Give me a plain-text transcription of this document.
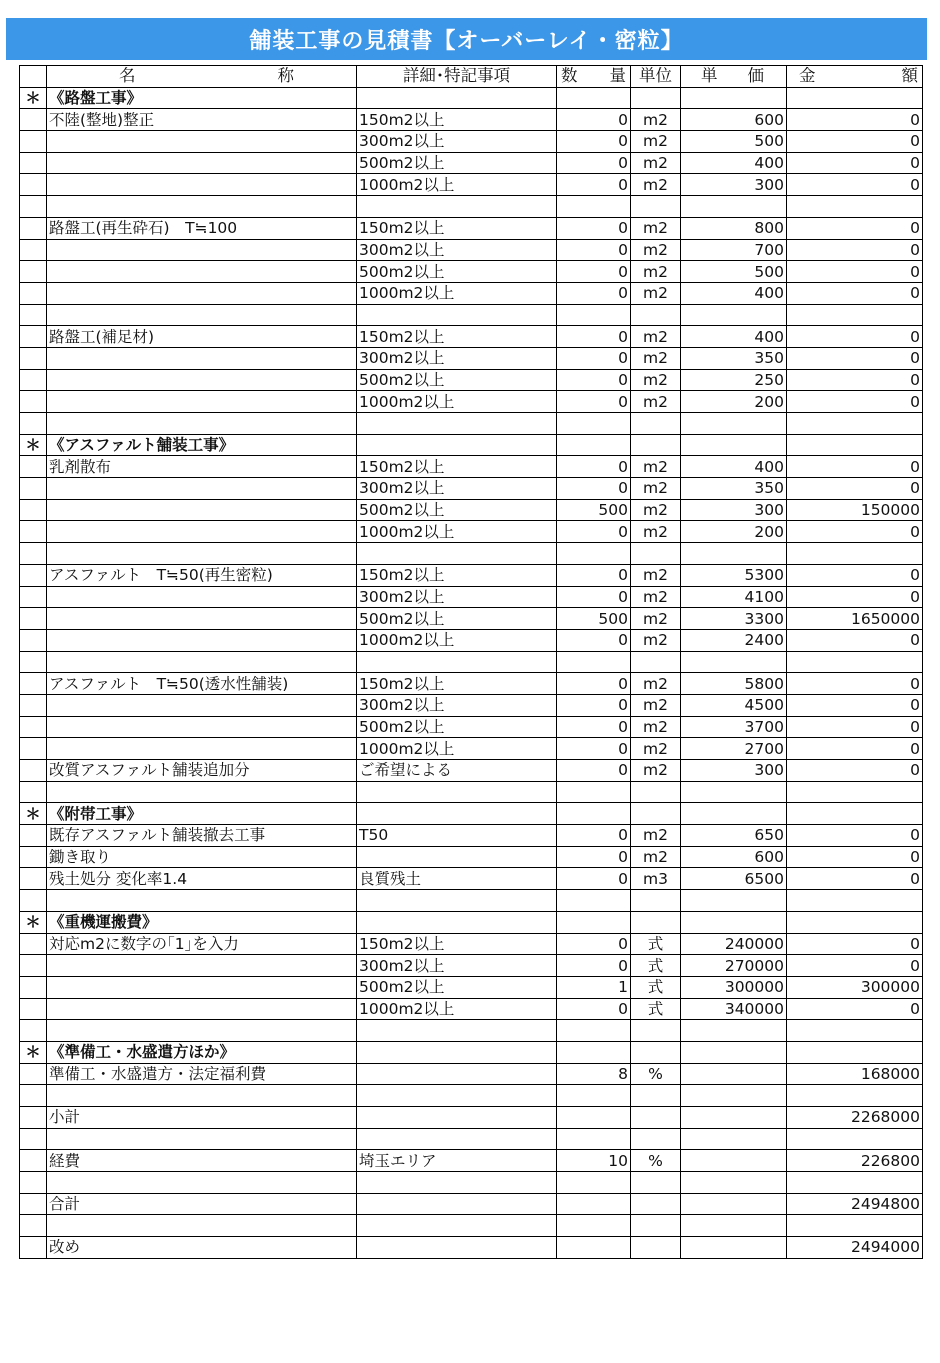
舗装工事の見積書【オーバーレイ・密粒】

	名 称	詳細･特記事項	数 量	単位	単 価	金 額

＊	《路盤工事》					
	不陸(整地)整正	150m2以上	0	m2	600	0
		300m2以上	0	m2	500	0
		500m2以上	0	m2	400	0
		1000m2以上	0	m2	300	0

	路盤工(再生砕石)　T≒100	150m2以上	0	m2	800	0
		300m2以上	0	m2	700	0
		500m2以上	0	m2	500	0
		1000m2以上	0	m2	400	0

	路盤工(補足材)	150m2以上	0	m2	400	0
		300m2以上	0	m2	350	0
		500m2以上	0	m2	250	0
		1000m2以上	0	m2	200	0

＊	《アスファルト舗装工事》					
	乳剤散布	150m2以上	0	m2	400	0
		300m2以上	0	m2	350	0
		500m2以上	500	m2	300	150000
		1000m2以上	0	m2	200	0

	アスファルト　T≒50(再生密粒)	150m2以上	0	m2	5300	0
		300m2以上	0	m2	4100	0
		500m2以上	500	m2	3300	1650000
		1000m2以上	0	m2	2400	0

	アスファルト　T≒50(透水性舗装)	150m2以上	0	m2	5800	0
		300m2以上	0	m2	4500	0
		500m2以上	0	m2	3700	0
		1000m2以上	0	m2	2700	0
	改質アスファルト舗装追加分	ご希望による	0	m2	300	0

＊	《附帯工事》					
	既存アスファルト舗装撤去工事	T50	0	m2	650	0
	鋤き取り		0	m2	600	0
	残土処分 変化率1.4	良質残土	0	m3	6500	0

＊	《重機運搬費》					
	対応m2に数字の｢1｣を入力	150m2以上	0	式	240000	0
		300m2以上	0	式	270000	0
		500m2以上	1	式	300000	300000
		1000m2以上	0	式	340000	0

＊	《準備工・水盛遣方ほか》					
	準備工・水盛遣方・法定福利費		8	%		168000

	小計					2268000

	経費	埼玉エリア	10	%		226800

	合計					2494800

	改め					2494000
